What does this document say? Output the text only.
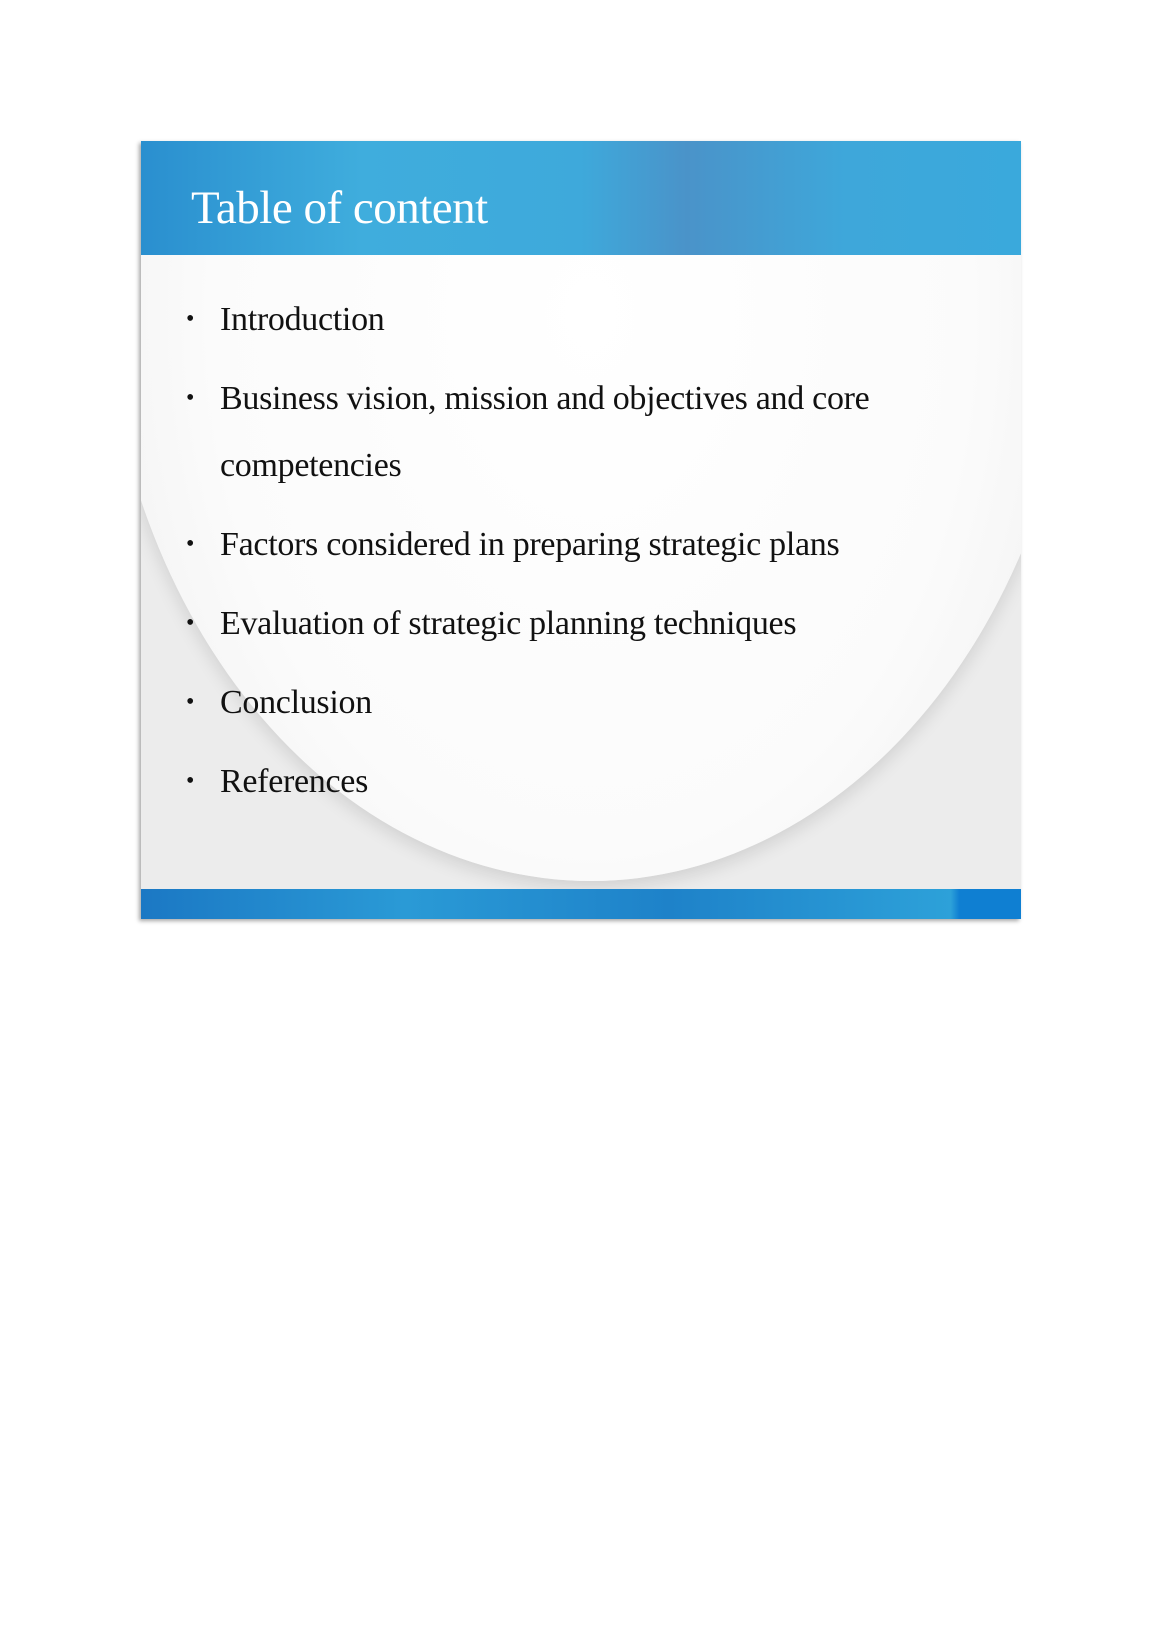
Table of content
• Introduction
• Business vision, mission and objectives and core competencies
• Factors considered in preparing strategic plans
• Evaluation of strategic planning techniques
• Conclusion
• References
